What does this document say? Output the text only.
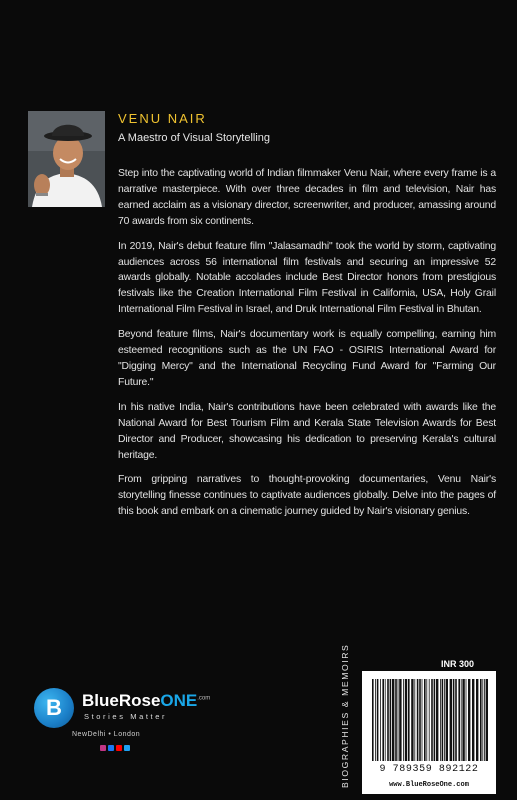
VENU NAIR
A Maestro of Visual Storytelling

Step into the captivating world of Indian filmmaker Venu Nair, where every frame is a narrative masterpiece. With over three decades in film and television, Nair has earned acclaim as a visionary director, screenwriter, and producer, amassing around 70 awards from six continents.

In 2019, Nair's debut feature film "Jalasamadhi" took the world by storm, captivating audiences across 56 international film festivals and securing an impressive 52 awards globally. Notable accolades include Best Director honors from prestigious festivals like the Creation International Film Festival in California, USA, Holy Grail International Film Festival in Israel, and Druk International Film Festival in Bhutan.

Beyond feature films, Nair's documentary work is equally compelling, earning him esteemed recognitions such as the UN FAO - OSIRIS International Award for "Digging Mercy" and the International Recycling Fund Award for "Farming Our Future."

In his native India, Nair's contributions have been celebrated with awards like the National Award for Best Tourism Film and Kerala State Television Awards for Best Director and Producer, showcasing his dedication to preserving Kerala's cultural heritage.

From gripping narratives to thought-provoking documentaries, Venu Nair's storytelling finesse continues to captivate audiences globally. Delve into the pages of this book and embark on a cinematic journey guided by Nair's visionary genius.

B	BlueRoseONE$^{.com}$
Stories Matter
NewDelhi • London	BIOGRAPHIES & MEMOIRS	INR 300
9 789359 892122
www.BlueRoseOne.com
